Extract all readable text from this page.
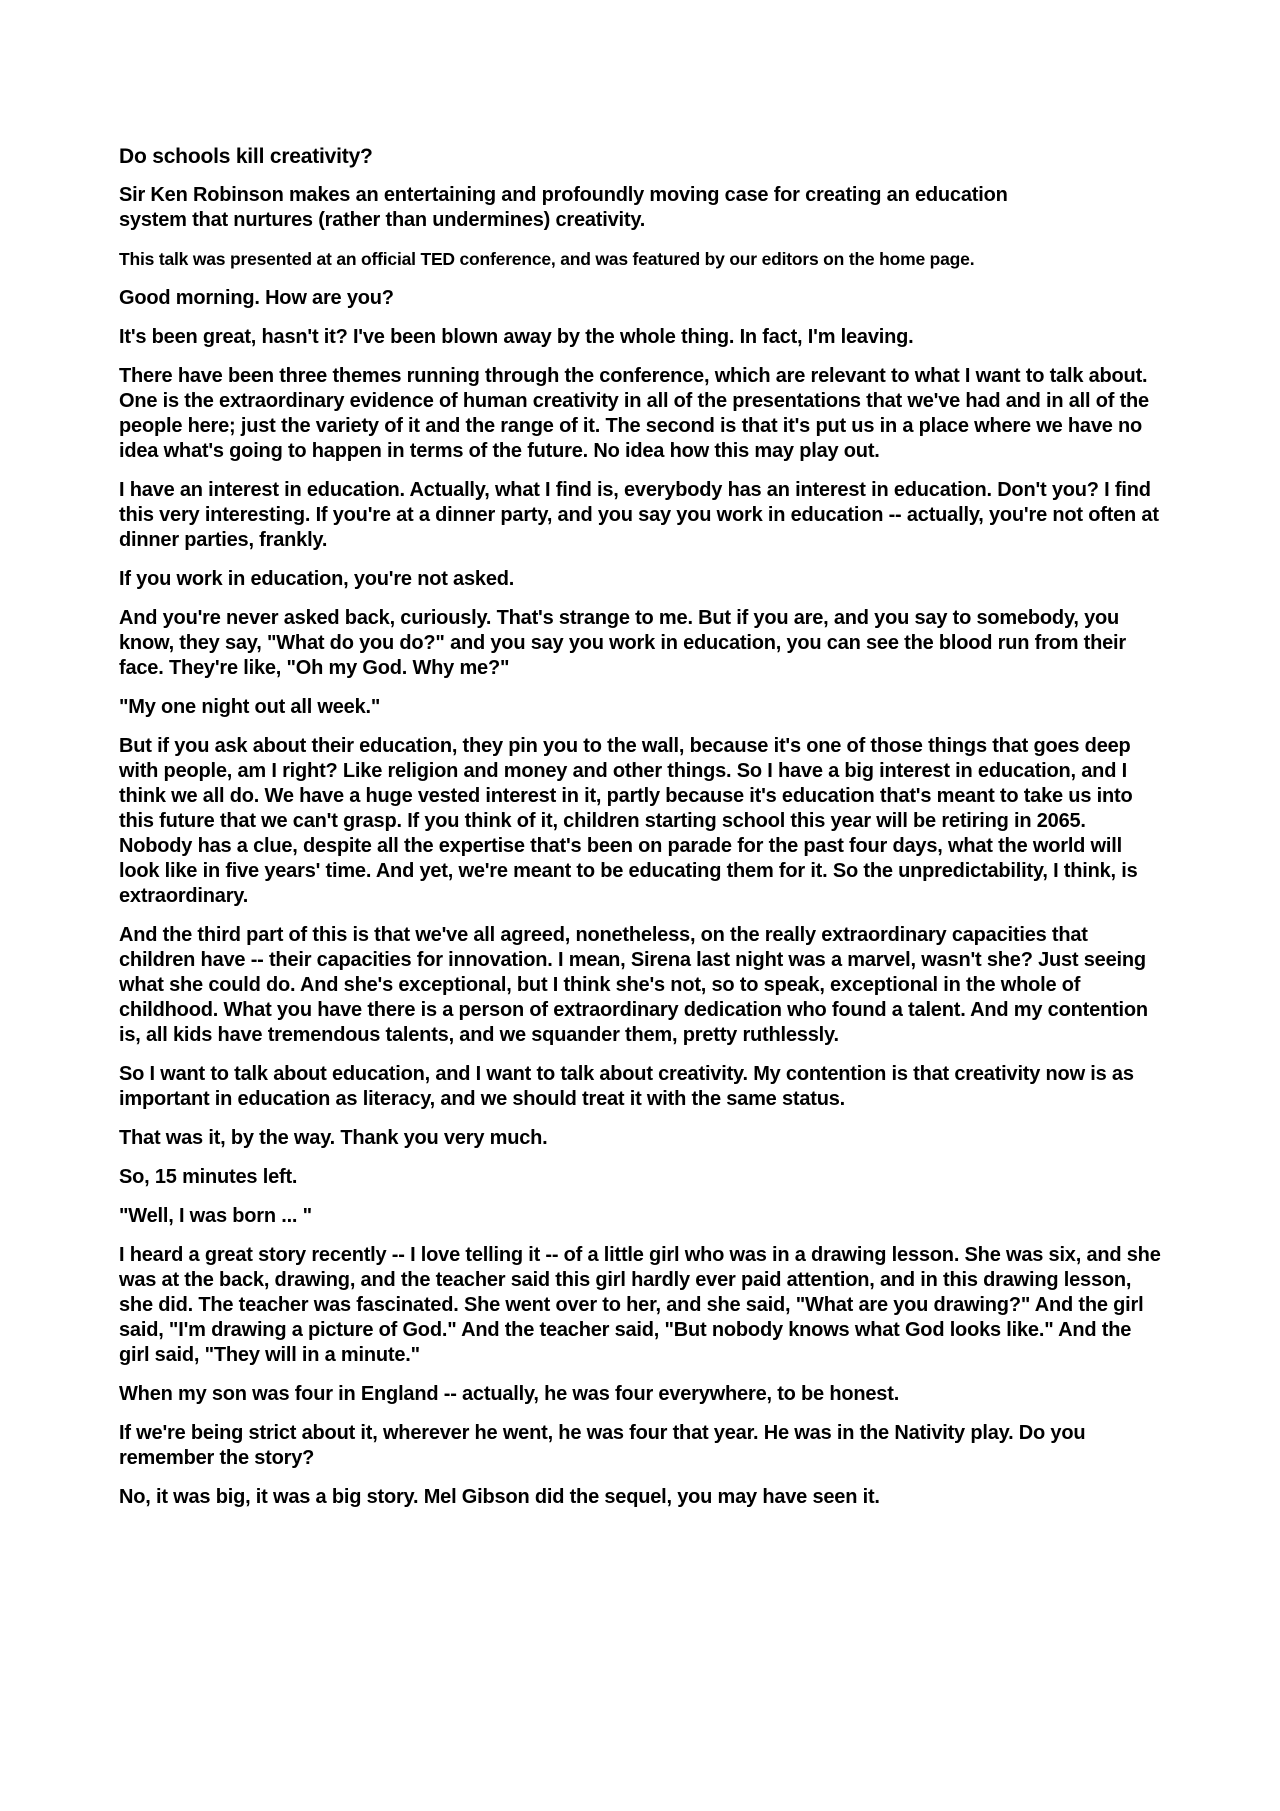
Do schools kill creativity?

Sir Ken Robinson makes an entertaining and profoundly moving case for creating an education system that nurtures (rather than undermines) creativity.

This talk was presented at an official TED conference, and was featured by our editors on the home page.

Good morning. How are you?

It's been great, hasn't it? I've been blown away by the whole thing. In fact, I'm leaving.

There have been three themes running through the conference, which are relevant to what I want to talk about. One is the extraordinary evidence of human creativity in all of the presentations that we've had and in all of the people here; just the variety of it and the range of it. The second is that it's put us in a place where we have no idea what's going to happen in terms of the future. No idea how this may play out.

I have an interest in education. Actually, what I find is, everybody has an interest in education. Don't you? I find this very interesting. If you're at a dinner party, and you say you work in education -- actually, you're not often at dinner parties, frankly.

If you work in education, you're not asked.

And you're never asked back, curiously. That's strange to me. But if you are, and you say to somebody, you know, they say, "What do you do?" and you say you work in education, you can see the blood run from their face. They're like, "Oh my God. Why me?"

"My one night out all week."

But if you ask about their education, they pin you to the wall, because it's one of those things that goes deep with people, am I right? Like religion and money and other things. So I have a big interest in education, and I think we all do. We have a huge vested interest in it, partly because it's education that's meant to take us into this future that we can't grasp. If you think of it, children starting school this year will be retiring in 2065. Nobody has a clue, despite all the expertise that's been on parade for the past four days, what the world will look like in five years' time. And yet, we're meant to be educating them for it. So the unpredictability, I think, is extraordinary.

And the third part of this is that we've all agreed, nonetheless, on the really extraordinary capacities that children have -- their capacities for innovation. I mean, Sirena last night was a marvel, wasn't she? Just seeing what she could do. And she's exceptional, but I think she's not, so to speak, exceptional in the whole of childhood. What you have there is a person of extraordinary dedication who found a talent. And my contention is, all kids have tremendous talents, and we squander them, pretty ruthlessly.

So I want to talk about education, and I want to talk about creativity. My contention is that creativity now is as important in education as literacy, and we should treat it with the same status.

That was it, by the way. Thank you very much.

So, 15 minutes left.

"Well, I was born ... "

I heard a great story recently -- I love telling it -- of a little girl who was in a drawing lesson. She was six, and she was at the back, drawing, and the teacher said this girl hardly ever paid attention, and in this drawing lesson, she did. The teacher was fascinated. She went over to her, and she said, "What are you drawing?" And the girl said, "I'm drawing a picture of God." And the teacher said, "But nobody knows what God looks like." And the girl said, "They will in a minute."

When my son was four in England -- actually, he was four everywhere, to be honest.

If we're being strict about it, wherever he went, he was four that year. He was in the Nativity play. Do you remember the story?

No, it was big, it was a big story. Mel Gibson did the sequel, you may have seen it.
